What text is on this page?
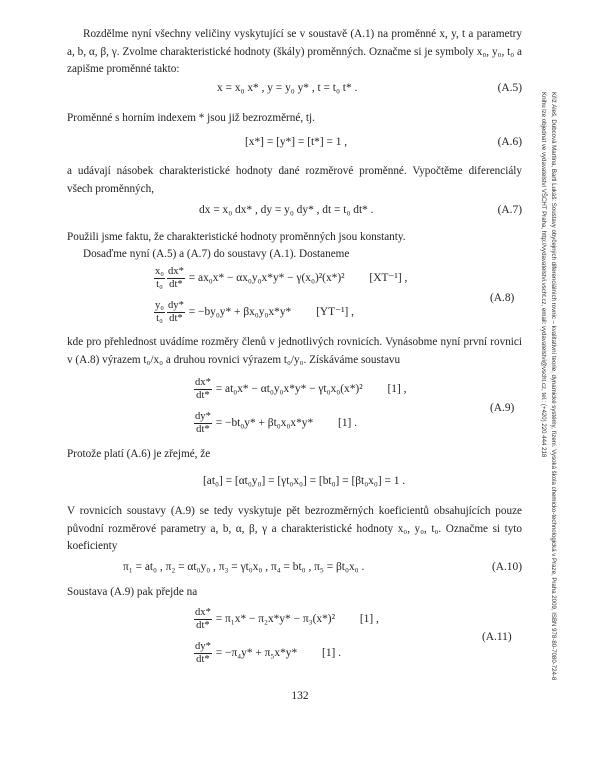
Rozdělme nyní všechny veličiny vyskytující se v soustavě (A.1) na proměnné x, y, t a parametry a, b, α, β, γ. Zvolme charakteristické hodnoty (škály) proměnných. Označme si je symboly x₀, y₀, t₀ a zapišme proměnné takto:

x = x₀ x* , y = y₀ y* , t = t₀ t* .	(A.5)

Proměnné s horním indexem * jsou již bezrozměrné, tj.

[x*] = [y*] = [t*] = 1 ,	(A.6)

a udávají násobek charakteristické hodnoty dané rozměrové proměnné. Vypočtěme diferenciály všech proměnných,

dx = x₀ dx* , dy = y₀ dy* , dt = t₀ dt* .	(A.7)

Použili jsme faktu, že charakteristické hodnoty proměnných jsou konstanty.

Dosaďme nyní (A.5) a (A.7) do soustavy (A.1). Dostaneme

$\frac{\text{x₀}}{\text{t₀}} \frac{dx*}{dt*} = ax_0x* - \alpha x_0y_0x*y* - \gamma(x_0)^2(x*)^2$ [XT⁻¹] ,
$\frac{\text{y₀}}{\text{t₀}} \frac{dy*}{dt*} = -by_0y* + \beta x_0y_0x*y*$ [YT⁻¹] ,
(A.8)

kde pro přehlednost uvádíme rozměry členů v jednotlivých rovnicích. Vynásobme nyní první rovnici v (A.8) výrazem t₀/x₀ a druhou rovnici výrazem t₀/y₀. Získáváme soustavu

$\frac{dx*}{dt*} = at_0x* - \alpha t_0y_0x*y* - \gamma t_0x_0(x*)^2$ [1] ,
$\frac{dy*}{dt*} = -bt_0y* + \beta t_0x_0x*y*$ [1] .
(A.9)

Protože platí (A.6) je zřejmé, že

[at₀] = [αt₀y₀] = [γt₀x₀] = [bt₀] = [βt₀x₀] = 1 .

V rovnicích soustavy (A.9) se tedy vyskytuje pět bezrozměrných koeficientů obsahujících pouze původní rozměrové parametry a, b, α, β, γ a charakteristické hodnoty x₀, y₀, t₀. Označme si tyto koeficienty

π₁ = at₀ , π₂ = αt₀y₀ , π₃ = γt₀x₀ , π₄ = bt₀ , π₅ = βt₀x₀ .	(A.10)

Soustava (A.9) pak přejde na

$\frac{dx*}{dt*} = \pi_1x* - \pi_2x*y* - \pi_3(x*)^2$ [1] ,
$\frac{dy*}{dt*} = -\pi_4y* + \pi_5x*y*$ [1] .
(A.11)
132
Kříž Aleš, Dubcová Martina, Bartl Lukáš: Soustavy obyčejných diferenciálních rovnic – kvalitativní teorie, dynamické systémy, řízení. Vysoká škola chemicko-technologická v Praze, Praha 2009, ISBN 978-80-7080-724-8
Knihu lze objednat ve vydavatelství VŠCHT Praha, http://vydavatelstvi.vscht.cz, email: vydavatelstvi@vscht.cz, tel.: (+420) 220 444 218
